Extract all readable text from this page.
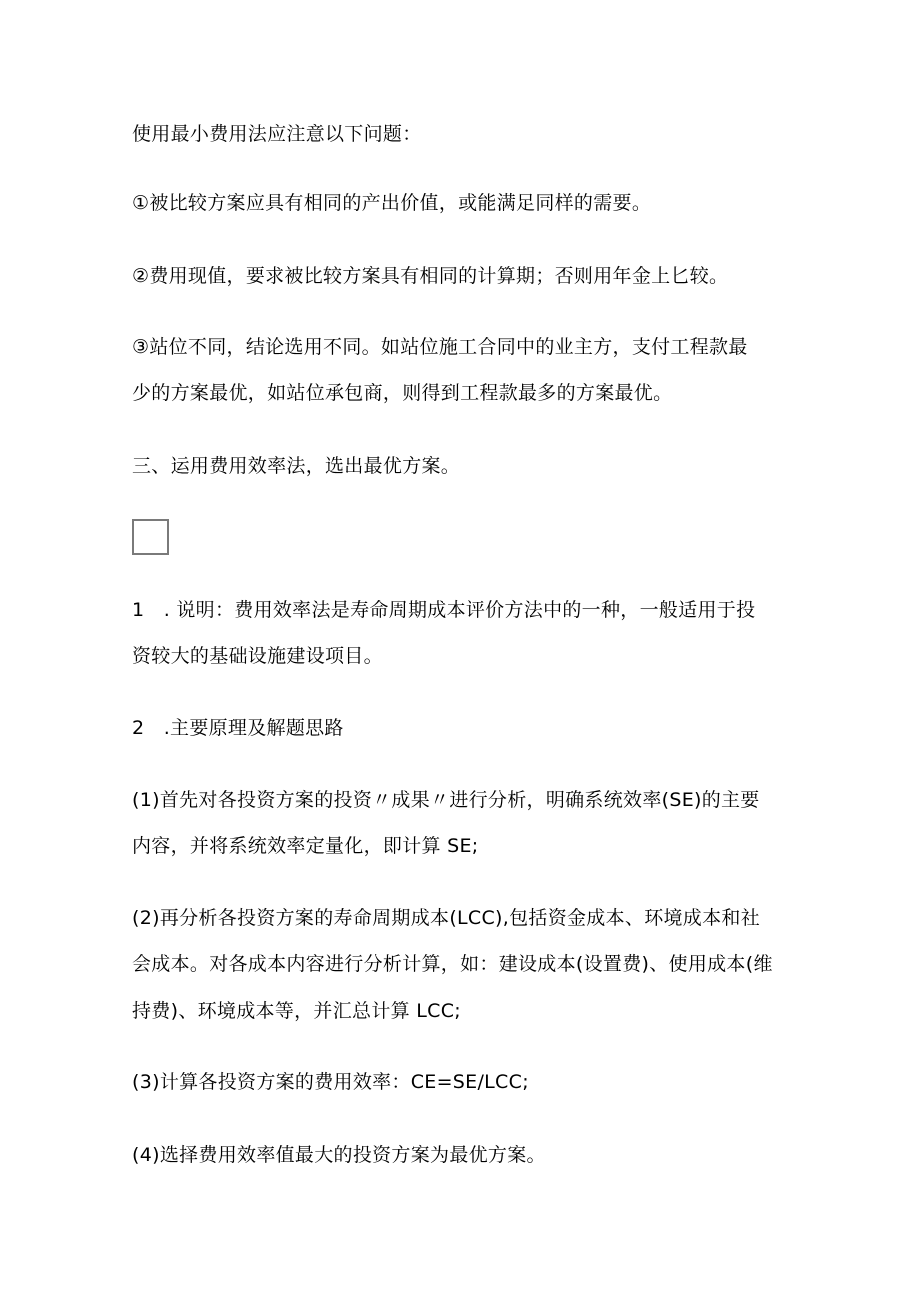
使用最小费用法应注意以下问题：
①被比较方案应具有相同的产出价值，或能满足同样的需要。
②费用现值，要求被比较方案具有相同的计算期；否则用年金上匕较。
③站位不同，结论选用不同。如站位施工合同中的业主方，支付工程款最
少的方案最优，如站位承包商，则得到工程款最多的方案最优。
三、运用费用效率法，选出最优方案。
1　. 说明：费用效率法是寿命周期成本评价方法中的一种，一般适用于投
资较大的基础设施建设项目。
2　.主要原理及解题思路
(1)首先对各投资方案的投资〃成果〃进行分析，明确系统效率(SE)的主要
内容，并将系统效率定量化，即计算 SE;
(2)再分析各投资方案的寿命周期成本(LCC),包括资金成本、环境成本和社
会成本。对各成本内容进行分析计算，如：建设成本(设置费)、使用成本(维
持费)、环境成本等，并汇总计算 LCC;
(3)计算各投资方案的费用效率：CE=SE/LCC;
(4)选择费用效率值最大的投资方案为最优方案。
